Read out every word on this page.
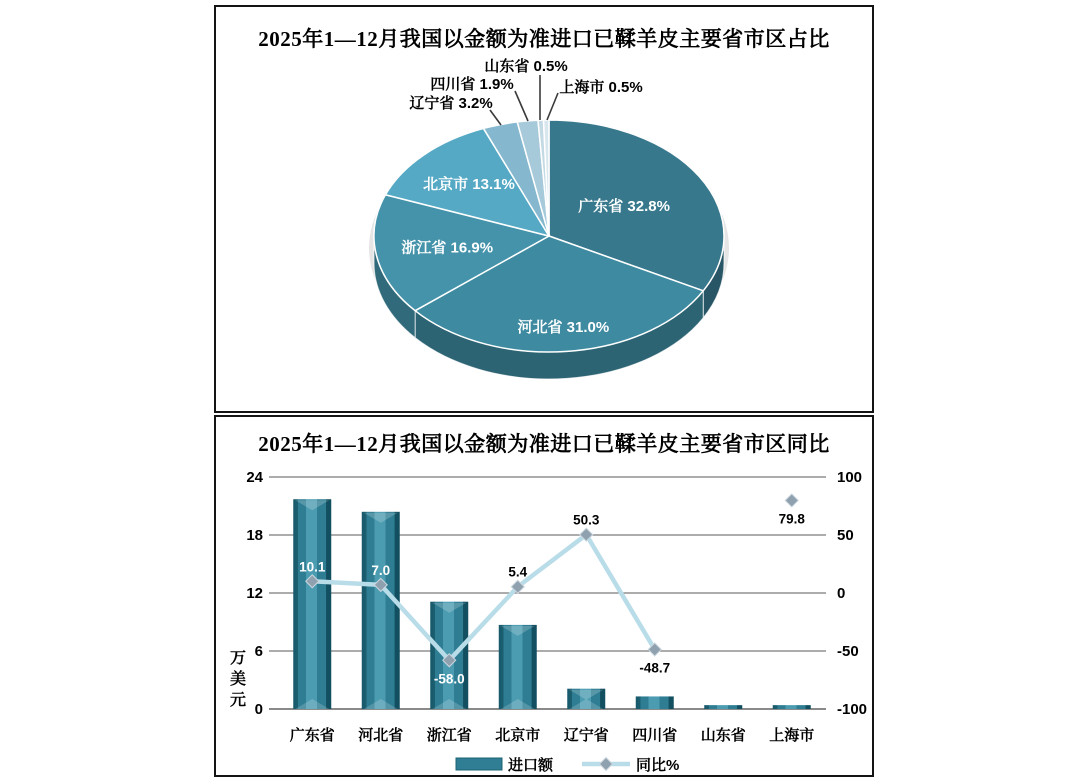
2025年1—12月我国以金额为准进口已鞣羊皮主要省市区占比
广东省 32.8%
河北省 31.0%
浙江省 16.9%
北京市 13.1%
辽宁省 3.2%
四川省 1.9%
山东省 0.5%
上海市 0.5%
2025年1—12月我国以金额为准进口已鞣羊皮主要省市区同比
24	100
18	50
12	0
6	-50
0	-100
万
美
元
10.1	7.0
-58.0
5.4
50.3
-48.7
79.8
广东省 河北省 浙江省 北京市 辽宁省 四川省 山东省 上海市
进口额	同比%
